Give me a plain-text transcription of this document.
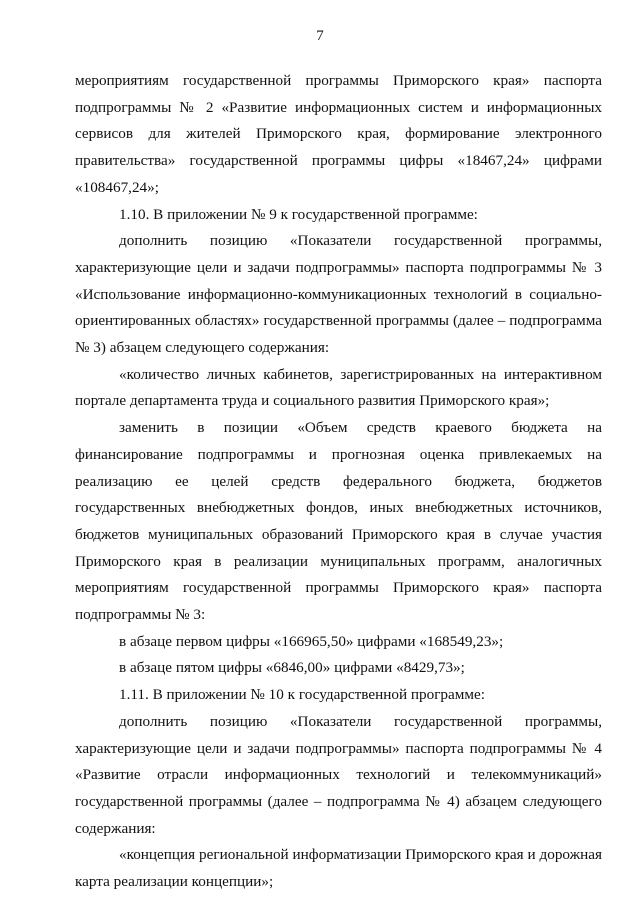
7

мероприятиям государственной программы Приморского края» паспорта подпрограммы № 2 «Развитие информационных систем и информационных сервисов для жителей Приморского края, формирование электронного правительства» государственной программы цифры «18467,24» цифрами «108467,24»;

1.10. В приложении № 9 к государственной программе:

дополнить позицию «Показатели государственной программы, характеризующие цели и задачи подпрограммы» паспорта подпрограммы № 3 «Использование информационно-коммуникационных технологий в социально-ориентированных областях» государственной программы (далее – подпрограмма № 3) абзацем следующего содержания:

«количество личных кабинетов, зарегистрированных на интерактивном портале департамента труда и социального развития Приморского края»;

заменить в позиции «Объем средств краевого бюджета на финансирование подпрограммы и прогнозная оценка привлекаемых на реализацию ее целей средств федерального бюджета, бюджетов государственных внебюджетных фондов, иных внебюджетных источников, бюджетов муниципальных образований Приморского края в случае участия Приморского края в реализации муниципальных программ, аналогичных мероприятиям государственной программы Приморского края» паспорта подпрограммы № 3:

в абзаце первом цифры «166965,50» цифрами «168549,23»;

в абзаце пятом цифры «6846,00» цифрами «8429,73»;

1.11. В приложении № 10 к государственной программе:

дополнить позицию «Показатели государственной программы, характеризующие цели и задачи подпрограммы» паспорта подпрограммы № 4 «Развитие отрасли информационных технологий и телекоммуникаций» государственной программы (далее – подпрограмма № 4) абзацем следующего содержания:

«концепция региональной информатизации Приморского края и дорожная карта реализации концепции»;
